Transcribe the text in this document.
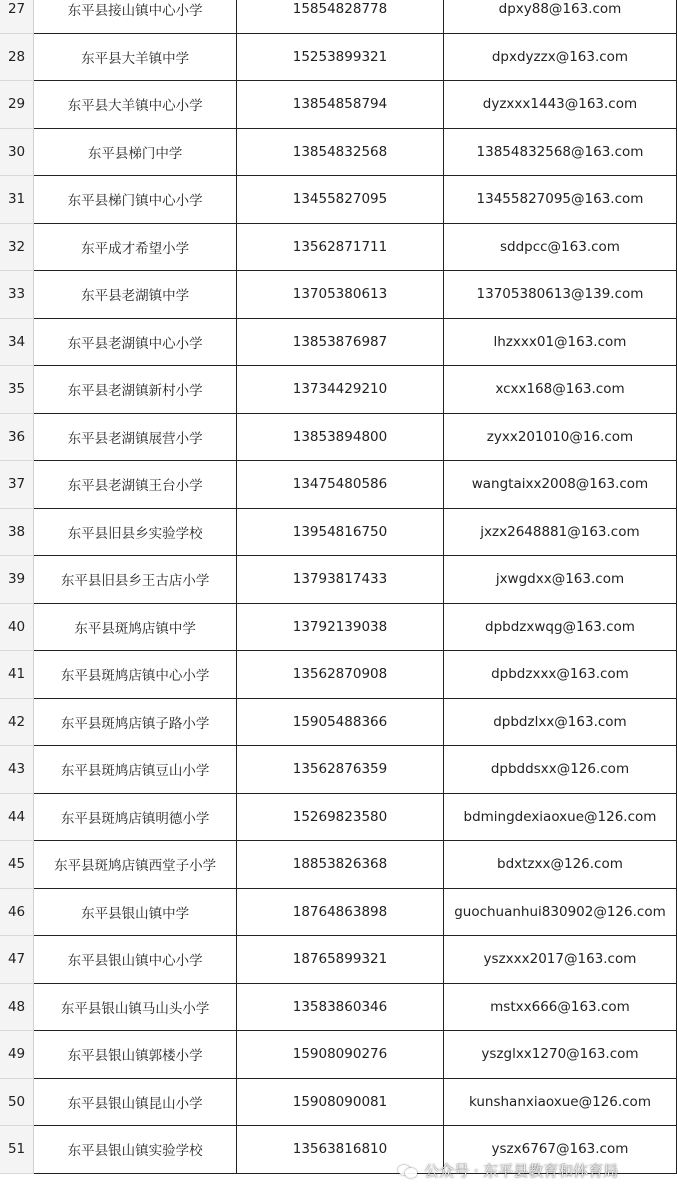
27	东平县接山镇中心小学	15854828778	dpxy88@163.com
28	东平县大羊镇中学	15253899321	dpxdyzzx@163.com
29	东平县大羊镇中心小学	13854858794	dyzxxx1443@163.com
30	东平县梯门中学	13854832568	13854832568@163.com
31	东平县梯门镇中心小学	13455827095	13455827095@163.com
32	东平成才希望小学	13562871711	sddpcc@163.com
33	东平县老湖镇中学	13705380613	13705380613@139.com
34	东平县老湖镇中心小学	13853876987	lhzxxx01@163.com
35	东平县老湖镇新村小学	13734429210	xcxx168@163.com
36	东平县老湖镇展营小学	13853894800	zyxx201010@16.com
37	东平县老湖镇王台小学	13475480586	wangtaixx2008@163.com
38	东平县旧县乡实验学校	13954816750	jxzx2648881@163.com
39	东平县旧县乡王古店小学	13793817433	jxwgdxx@163.com
40	东平县斑鸠店镇中学	13792139038	dpbdzxwqg@163.com
41	东平县斑鸠店镇中心小学	13562870908	dpbdzxxx@163.com
42	东平县斑鸠店镇子路小学	15905488366	dpbdzlxx@163.com
43	东平县斑鸠店镇豆山小学	13562876359	dpbddsxx@126.com
44	东平县斑鸠店镇明德小学	15269823580	bdmingdexiaoxue@126.com
45	东平县斑鸠店镇西堂子小学	18853826368	bdxtzxx@126.com
46	东平县银山镇中学	18764863898	guochuanhui830902@126.com
47	东平县银山镇中心小学	18765899321	yszxxx2017@163.com
48	东平县银山镇马山头小学	13583860346	mstxx666@163.com
49	东平县银山镇郭楼小学	15908090276	yszglxx1270@163.com
50	东平县银山镇昆山小学	15908090081	kunshanxiaoxue@126.com
51	东平县银山镇实验学校	13563816810	yszx6767@163.com
公众号 · 东平县教育和体育局
